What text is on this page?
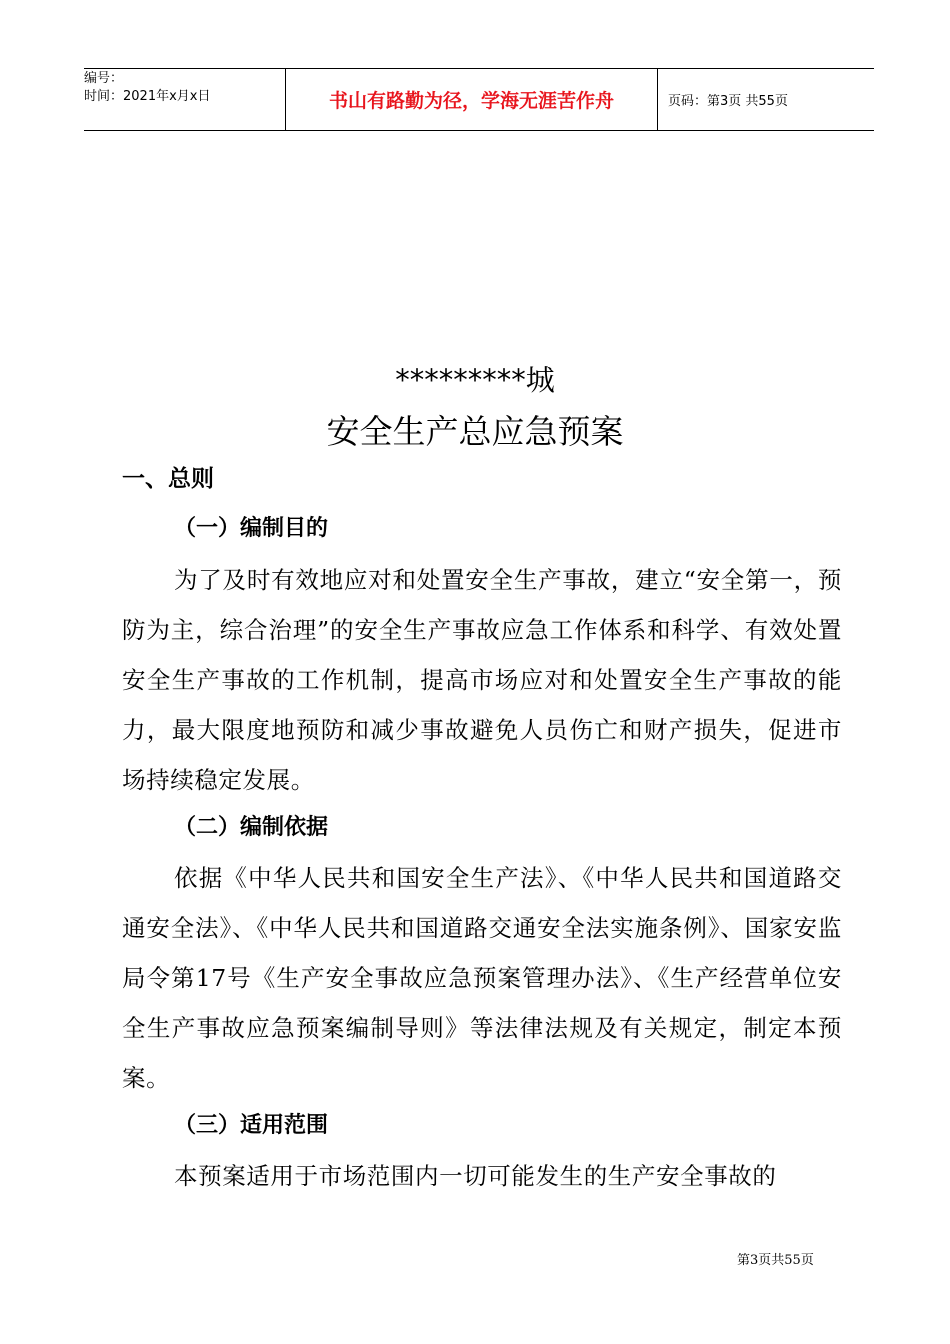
编号：
时间：2021年x月x日	书山有路勤为径，学海无涯苦作舟	页码：第3页 共55页
*********城
安全生产总应急预案
一、总则
（一）编制目的
为了及时有效地应对和处置安全生产事故，建立“安全第一，预防为主，综合治理”的安全生产事故应急工作体系和科学、有效处置安全生产事故的工作机制，提高市场应对和处置安全生产事故的能力，最大限度地预防和减少事故避免人员伤亡和财产损失，促进市场持续稳定发展。
（二）编制依据
依据《中华人民共和国安全生产法》、《中华人民共和国道路交通安全法》、《中华人民共和国道路交通安全法实施条例》、国家安监局令第17号《生产安全事故应急预案管理办法》、《生产经营单位安全生产事故应急预案编制导则》等法律法规及有关规定，制定本预案。
（三）适用范围
本预案适用于市场范围内一切可能发生的生产安全事故的
第3页共55页
